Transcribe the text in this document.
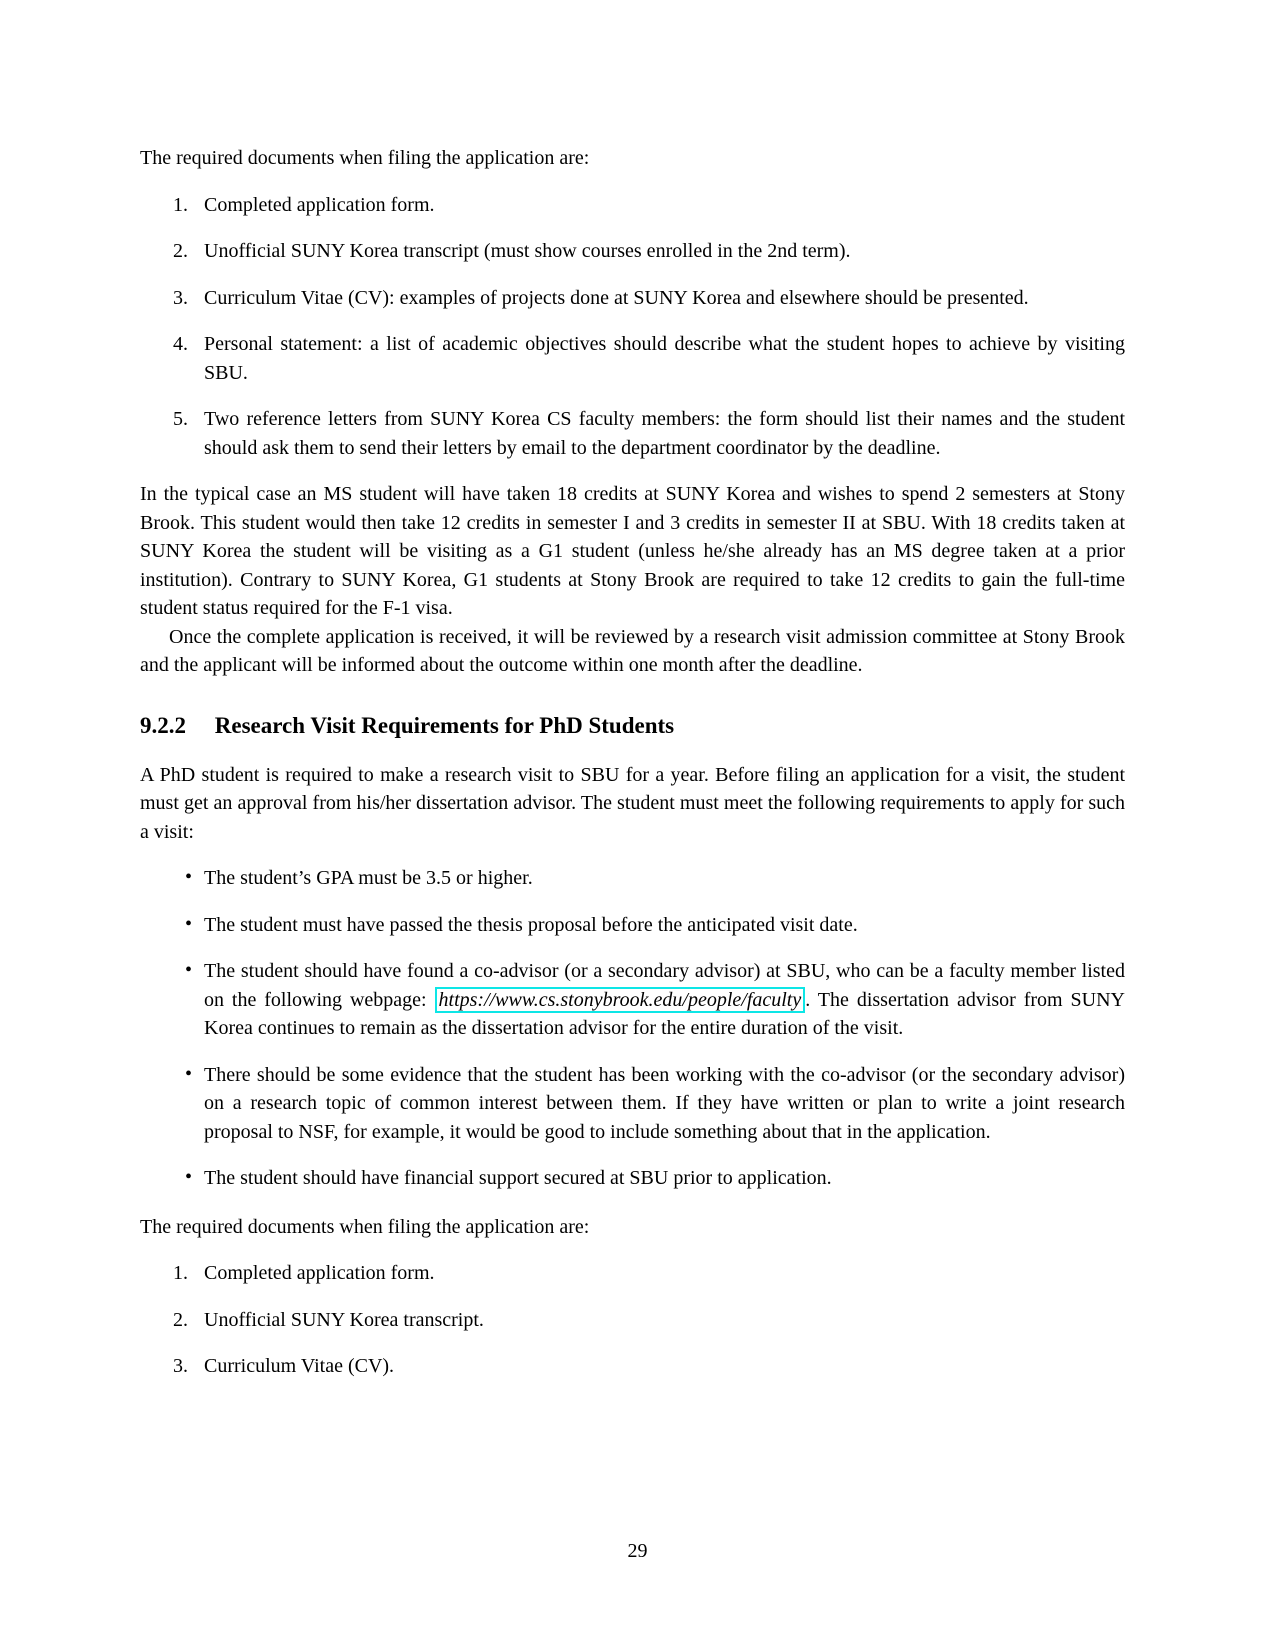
The required documents when filing the application are:

1. Completed application form.
2. Unofficial SUNY Korea transcript (must show courses enrolled in the 2nd term).
3. Curriculum Vitae (CV): examples of projects done at SUNY Korea and elsewhere should be presented.
4. Personal statement: a list of academic objectives should describe what the student hopes to achieve by visiting SBU.
5. Two reference letters from SUNY Korea CS faculty members: the form should list their names and the student should ask them to send their letters by email to the department coordinator by the deadline.

In the typical case an MS student will have taken 18 credits at SUNY Korea and wishes to spend 2 semesters at Stony Brook. This student would then take 12 credits in semester I and 3 credits in semester II at SBU. With 18 credits taken at SUNY Korea the student will be visiting as a G1 student (unless he/she already has an MS degree taken at a prior institution). Contrary to SUNY Korea, G1 students at Stony Brook are required to take 12 credits to gain the full-time student status required for the F-1 visa.

Once the complete application is received, it will be reviewed by a research visit admission committee at Stony Brook and the applicant will be informed about the outcome within one month after the deadline.

9.2.2 Research Visit Requirements for PhD Students

A PhD student is required to make a research visit to SBU for a year. Before filing an application for a visit, the student must get an approval from his/her dissertation advisor. The student must meet the following requirements to apply for such a visit:

• The student’s GPA must be 3.5 or higher.
• The student must have passed the thesis proposal before the anticipated visit date.
• The student should have found a co-advisor (or a secondary advisor) at SBU, who can be a faculty member listed on the following webpage: https://www.cs.stonybrook.edu/people/faculty . The dissertation advisor from SUNY Korea continues to remain as the dissertation advisor for the entire duration of the visit.
• There should be some evidence that the student has been working with the co-advisor (or the secondary advisor) on a research topic of common interest between them. If they have written or plan to write a joint research proposal to NSF, for example, it would be good to include something about that in the application.
• The student should have financial support secured at SBU prior to application.

The required documents when filing the application are:

1. Completed application form.
2. Unofficial SUNY Korea transcript.
3. Curriculum Vitae (CV).
29
